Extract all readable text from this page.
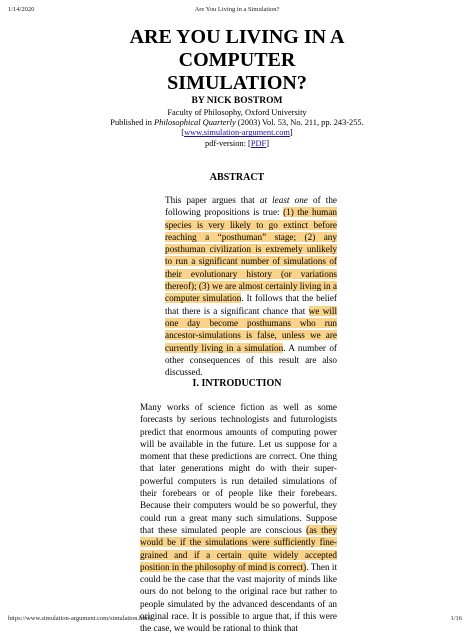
1/14/2020	Are You Living in a Simulation?
ARE YOU LIVING IN A
COMPUTER
SIMULATION?
BY NICK BOSTROM
Faculty of Philosophy, Oxford University
Published in Philosophical Quarterly (2003) Vol. 53, No. 211, pp. 243-255.
[www.simulation-argument.com]
pdf-version: [PDF]
ABSTRACT
This paper argues that at least one of the following propositions is true: (1) the human species is very likely to go extinct before reaching a “posthuman” stage; (2) any posthuman civilization is extremely unlikely to run a significant number of simulations of their evolutionary history (or variations thereof); (3) we are almost certainly living in a computer simulation. It follows that the belief that there is a significant chance that we will one day become posthumans who run ancestor-simulations is false, unless we are currently living in a simulation. A number of other consequences of this result are also discussed.
I. INTRODUCTION
Many works of science fiction as well as some forecasts by serious technologists and futurologists predict that enormous amounts of computing power will be available in the future. Let us suppose for a moment that these predictions are correct. One thing that later generations might do with their super-powerful computers is run detailed simulations of their forebears or of people like their forebears. Because their computers would be so powerful, they could run a great many such simulations. Suppose that these simulated people are conscious (as they would be if the simulations were sufficiently fine-grained and if a certain quite widely accepted position in the philosophy of mind is correct). Then it could be the case that the vast majority of minds like ours do not belong to the original race but rather to people simulated by the advanced descendants of an original race. It is possible to argue that, if this were the case, we would be rational to think that
https://www.simulation-argument.com/simulation.html	1/16
